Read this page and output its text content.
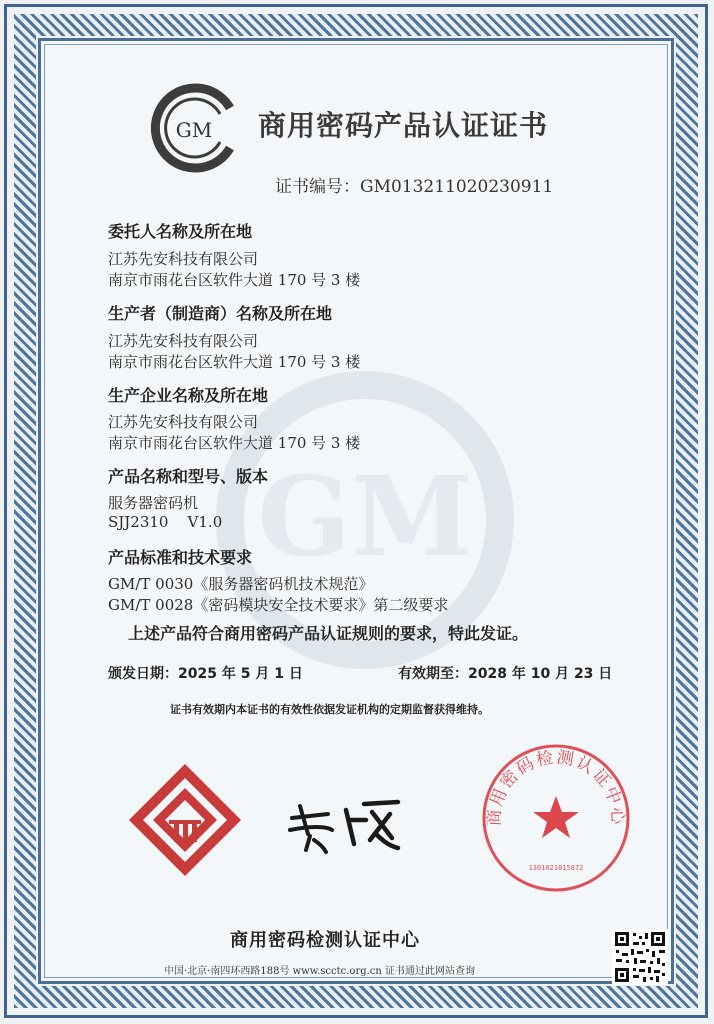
GM
GM 商用密码产品认证证书
证书编号：GM013211020230911
委托人名称及所在地
江苏先安科技有限公司
南京市雨花台区软件大道 170 号 3 楼
生产者（制造商）名称及所在地
江苏先安科技有限公司
南京市雨花台区软件大道 170 号 3 楼
生产企业名称及所在地
江苏先安科技有限公司
南京市雨花台区软件大道 170 号 3 楼
产品名称和型号、版本
服务器密码机
SJJ2310    V1.0
产品标准和技术要求
GM/T 0030《服务器密码机技术规范》
GM/T 0028《密码模块安全技术要求》第二级要求
上述产品符合商用密码产品认证规则的要求，特此发证。
颁发日期：2025 年 5 月 1 日	有效期至：2028 年 10 月 23 日
证书有效期内本证书的有效性依据发证机构的定期监督获得维持。
商用密码检测认证中心
1301021015872
商用密码检测认证中心
中国·北京·南四环西路188号 www.scctc.org.cn 证书通过此网站查询
